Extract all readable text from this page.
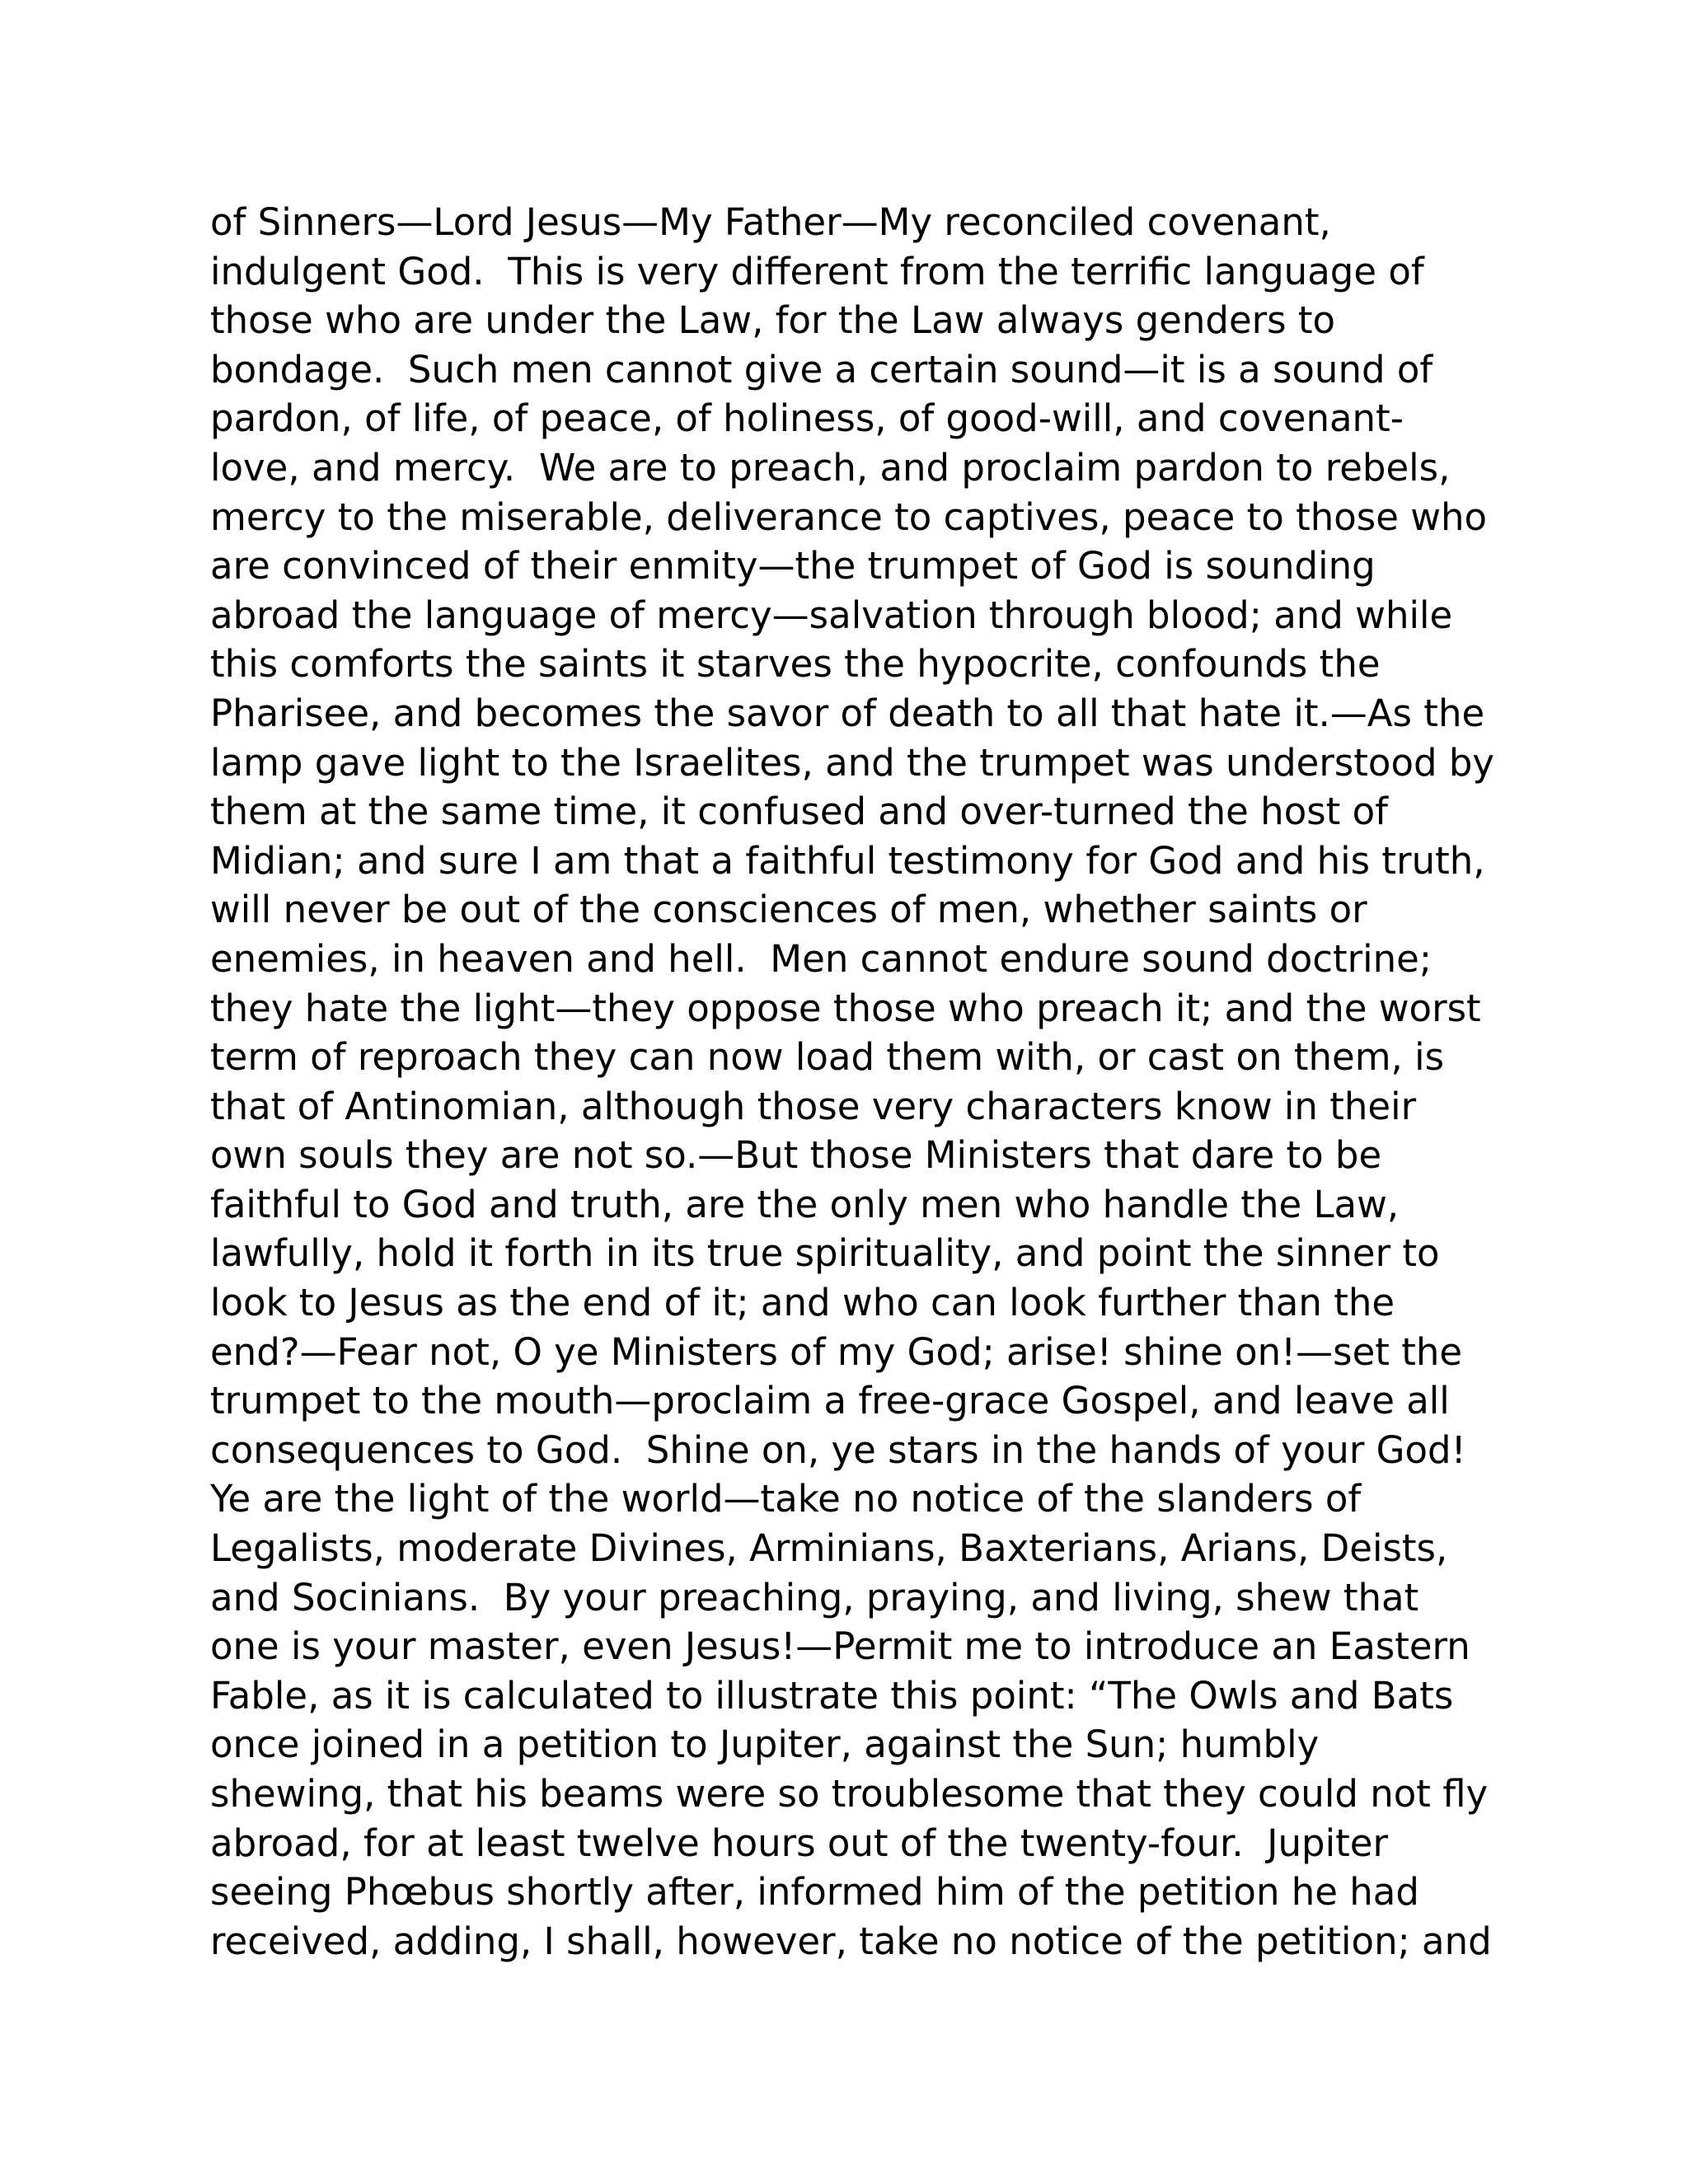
of Sinners—Lord Jesus—My Father—My reconciled covenant,
indulgent God.  This is very different from the terrific language of
those who are under the Law, for the Law always genders to
bondage.  Such men cannot give a certain sound—it is a sound of
pardon, of life, of peace, of holiness, of good-will, and covenant-
love, and mercy.  We are to preach, and proclaim pardon to rebels,
mercy to the miserable, deliverance to captives, peace to those who
are convinced of their enmity—the trumpet of God is sounding
abroad the language of mercy—salvation through blood; and while
this comforts the saints it starves the hypocrite, confounds the
Pharisee, and becomes the savor of death to all that hate it.—As the
lamp gave light to the Israelites, and the trumpet was understood by
them at the same time, it confused and over-turned the host of
Midian; and sure I am that a faithful testimony for God and his truth,
will never be out of the consciences of men, whether saints or
enemies, in heaven and hell.  Men cannot endure sound doctrine;
they hate the light—they oppose those who preach it; and the worst
term of reproach they can now load them with, or cast on them, is
that of Antinomian, although those very characters know in their
own souls they are not so.—But those Ministers that dare to be
faithful to God and truth, are the only men who handle the Law,
lawfully, hold it forth in its true spirituality, and point the sinner to
look to Jesus as the end of it; and who can look further than the
end?—Fear not, O ye Ministers of my God; arise! shine on!—set the
trumpet to the mouth—proclaim a free-grace Gospel, and leave all
consequences to God.  Shine on, ye stars in the hands of your God!
Ye are the light of the world—take no notice of the slanders of
Legalists, moderate Divines, Arminians, Baxterians, Arians, Deists,
and Socinians.  By your preaching, praying, and living, shew that
one is your master, even Jesus!—Permit me to introduce an Eastern
Fable, as it is calculated to illustrate this point: “The Owls and Bats
once joined in a petition to Jupiter, against the Sun; humbly
shewing, that his beams were so troublesome that they could not fly
abroad, for at least twelve hours out of the twenty-four.  Jupiter
seeing Phœbus shortly after, informed him of the petition he had
received, adding, I shall, however, take no notice of the petition; and
